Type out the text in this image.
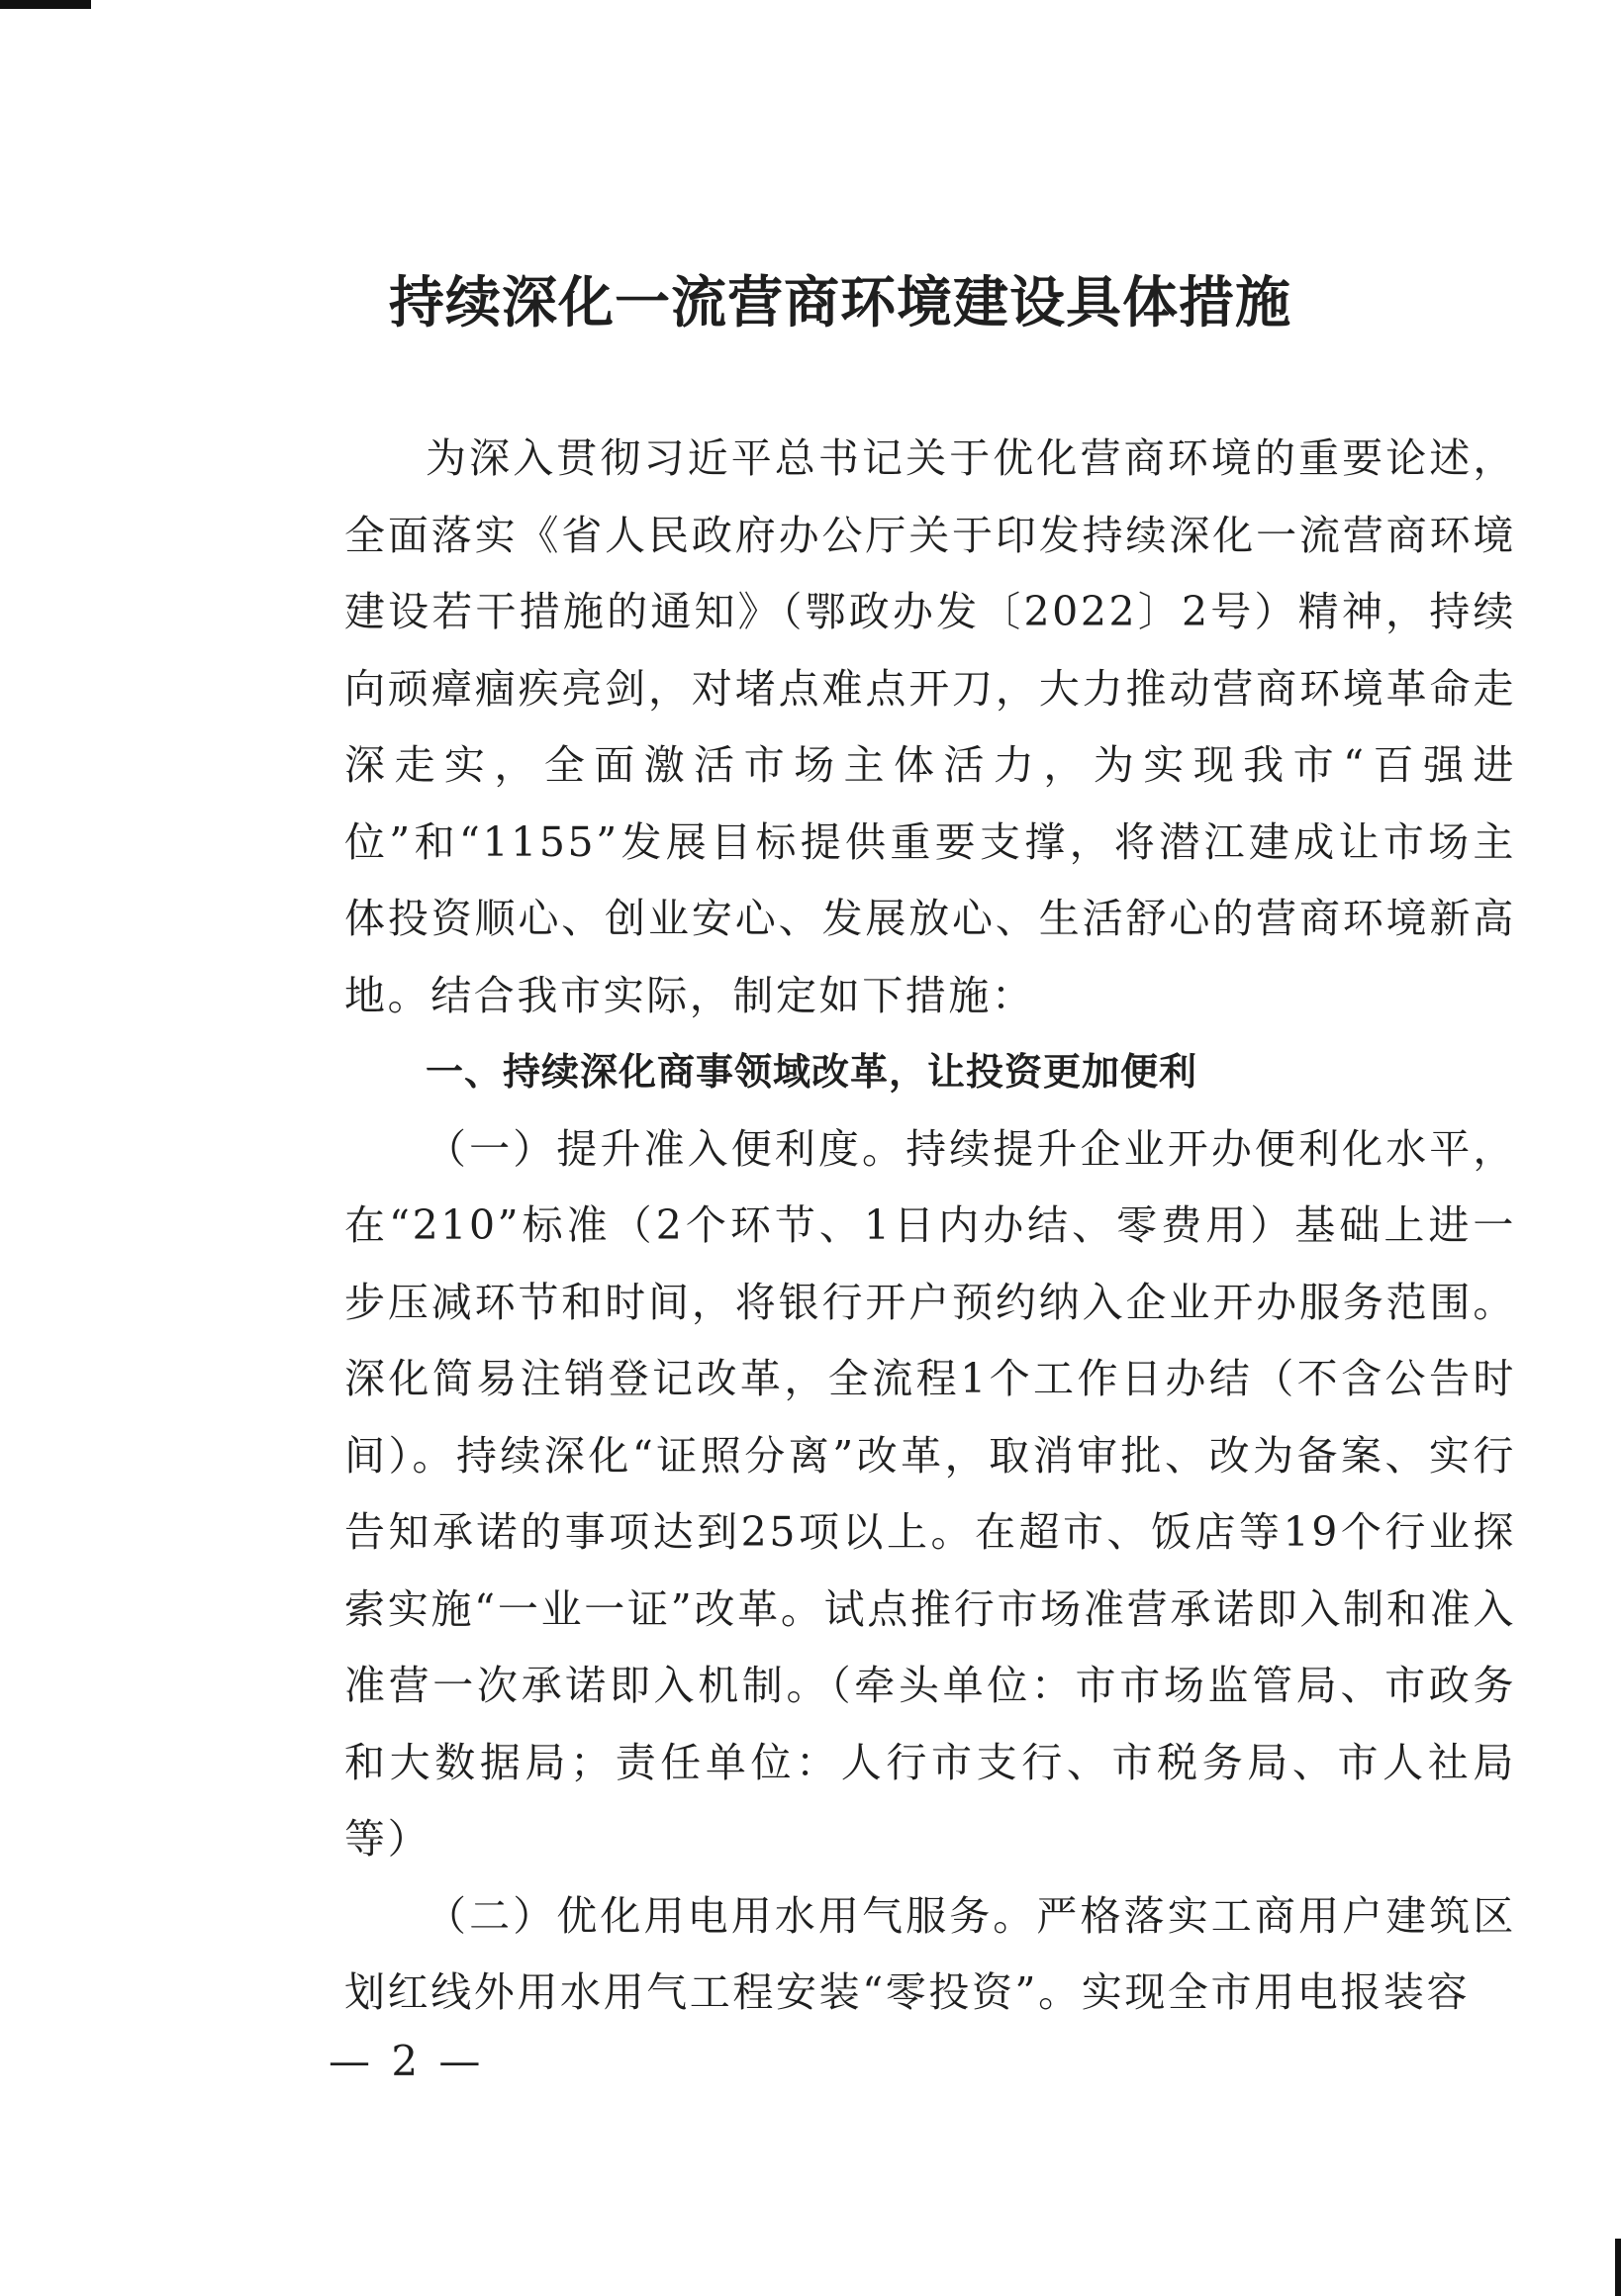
持续深化一流营商环境建设具体措施

为深入贯彻习近平总书记关于优化营商环境的重要论述，全面落实《省人民政府办公厅关于印发持续深化一流营商环境建设若干措施的通知》（鄂政办发〔2022〕2号）精神，持续向顽瘴痼疾亮剑，对堵点难点开刀，大力推动营商环境革命走深走实，全面激活市场主体活力，为实现我市“百强进位”和“1155”发展目标提供重要支撑，将潜江建成让市场主体投资顺心、创业安心、发展放心、生活舒心的营商环境新高地。结合我市实际，制定如下措施：

一、持续深化商事领域改革，让投资更加便利

（一）提升准入便利度。持续提升企业开办便利化水平，在“210”标准（2个环节、1日内办结、零费用）基础上进一步压减环节和时间，将银行开户预约纳入企业开办服务范围。深化简易注销登记改革，全流程1个工作日办结（不含公告时间）。持续深化“证照分离”改革，取消审批、改为备案、实行告知承诺的事项达到25项以上。在超市、饭店等19个行业探索实施“一业一证”改革。试点推行市场准营承诺即入制和准入准营一次承诺即入机制。（牵头单位：市市场监管局、市政务和大数据局；责任单位：人行市支行、市税务局、市人社局等）

（二）优化用电用水用气服务。严格落实工商用户建筑区划红线外用水用气工程安装“零投资”。实现全市用电报装容

— 2 —
